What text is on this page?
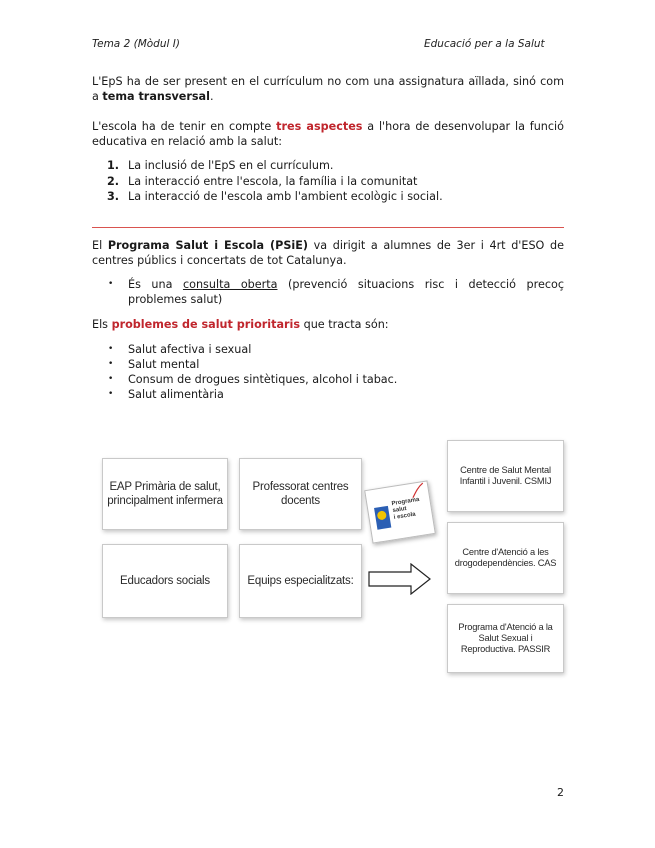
Tema 2 (Mòdul I)	Educació per a la Salut

L'EpS ha de ser present en el currículum no com una assignatura aïllada, sinó com a tema transversal.

L'escola ha de tenir en compte tres aspectes a l'hora de desenvolupar la funció educativa en relació amb la salut:

1. La inclusió de l'EpS en el currículum.
2. La interacció entre l'escola, la família i la comunitat
3. La interacció de l'escola amb l'ambient ecològic i social.

El Programa Salut i Escola (PSiE) va dirigit a alumnes de 3er i 4rt d'ESO de centres públics i concertats de tot Catalunya.

• És una consulta oberta (prevenció situacions risc i detecció precoç problemes salut)

Els problemes de salut prioritaris que tracta són:

• Salut afectiva i sexual
• Salut mental
• Consum de drogues sintètiques, alcohol i tabac.
• Salut alimentària
EAP Primària de salut,
principalment infermera
Professorat centres
docents
Educadors socials	Equips especialitzats:
Programa
salut
i escola
Centre de Salut Mental
Infantil i Juvenil. CSMIJ
Centre d'Atenció a les
drogodependències. CAS
Programa d'Atenció a la
Salut Sexual i
Reproductiva. PASSIR
2
